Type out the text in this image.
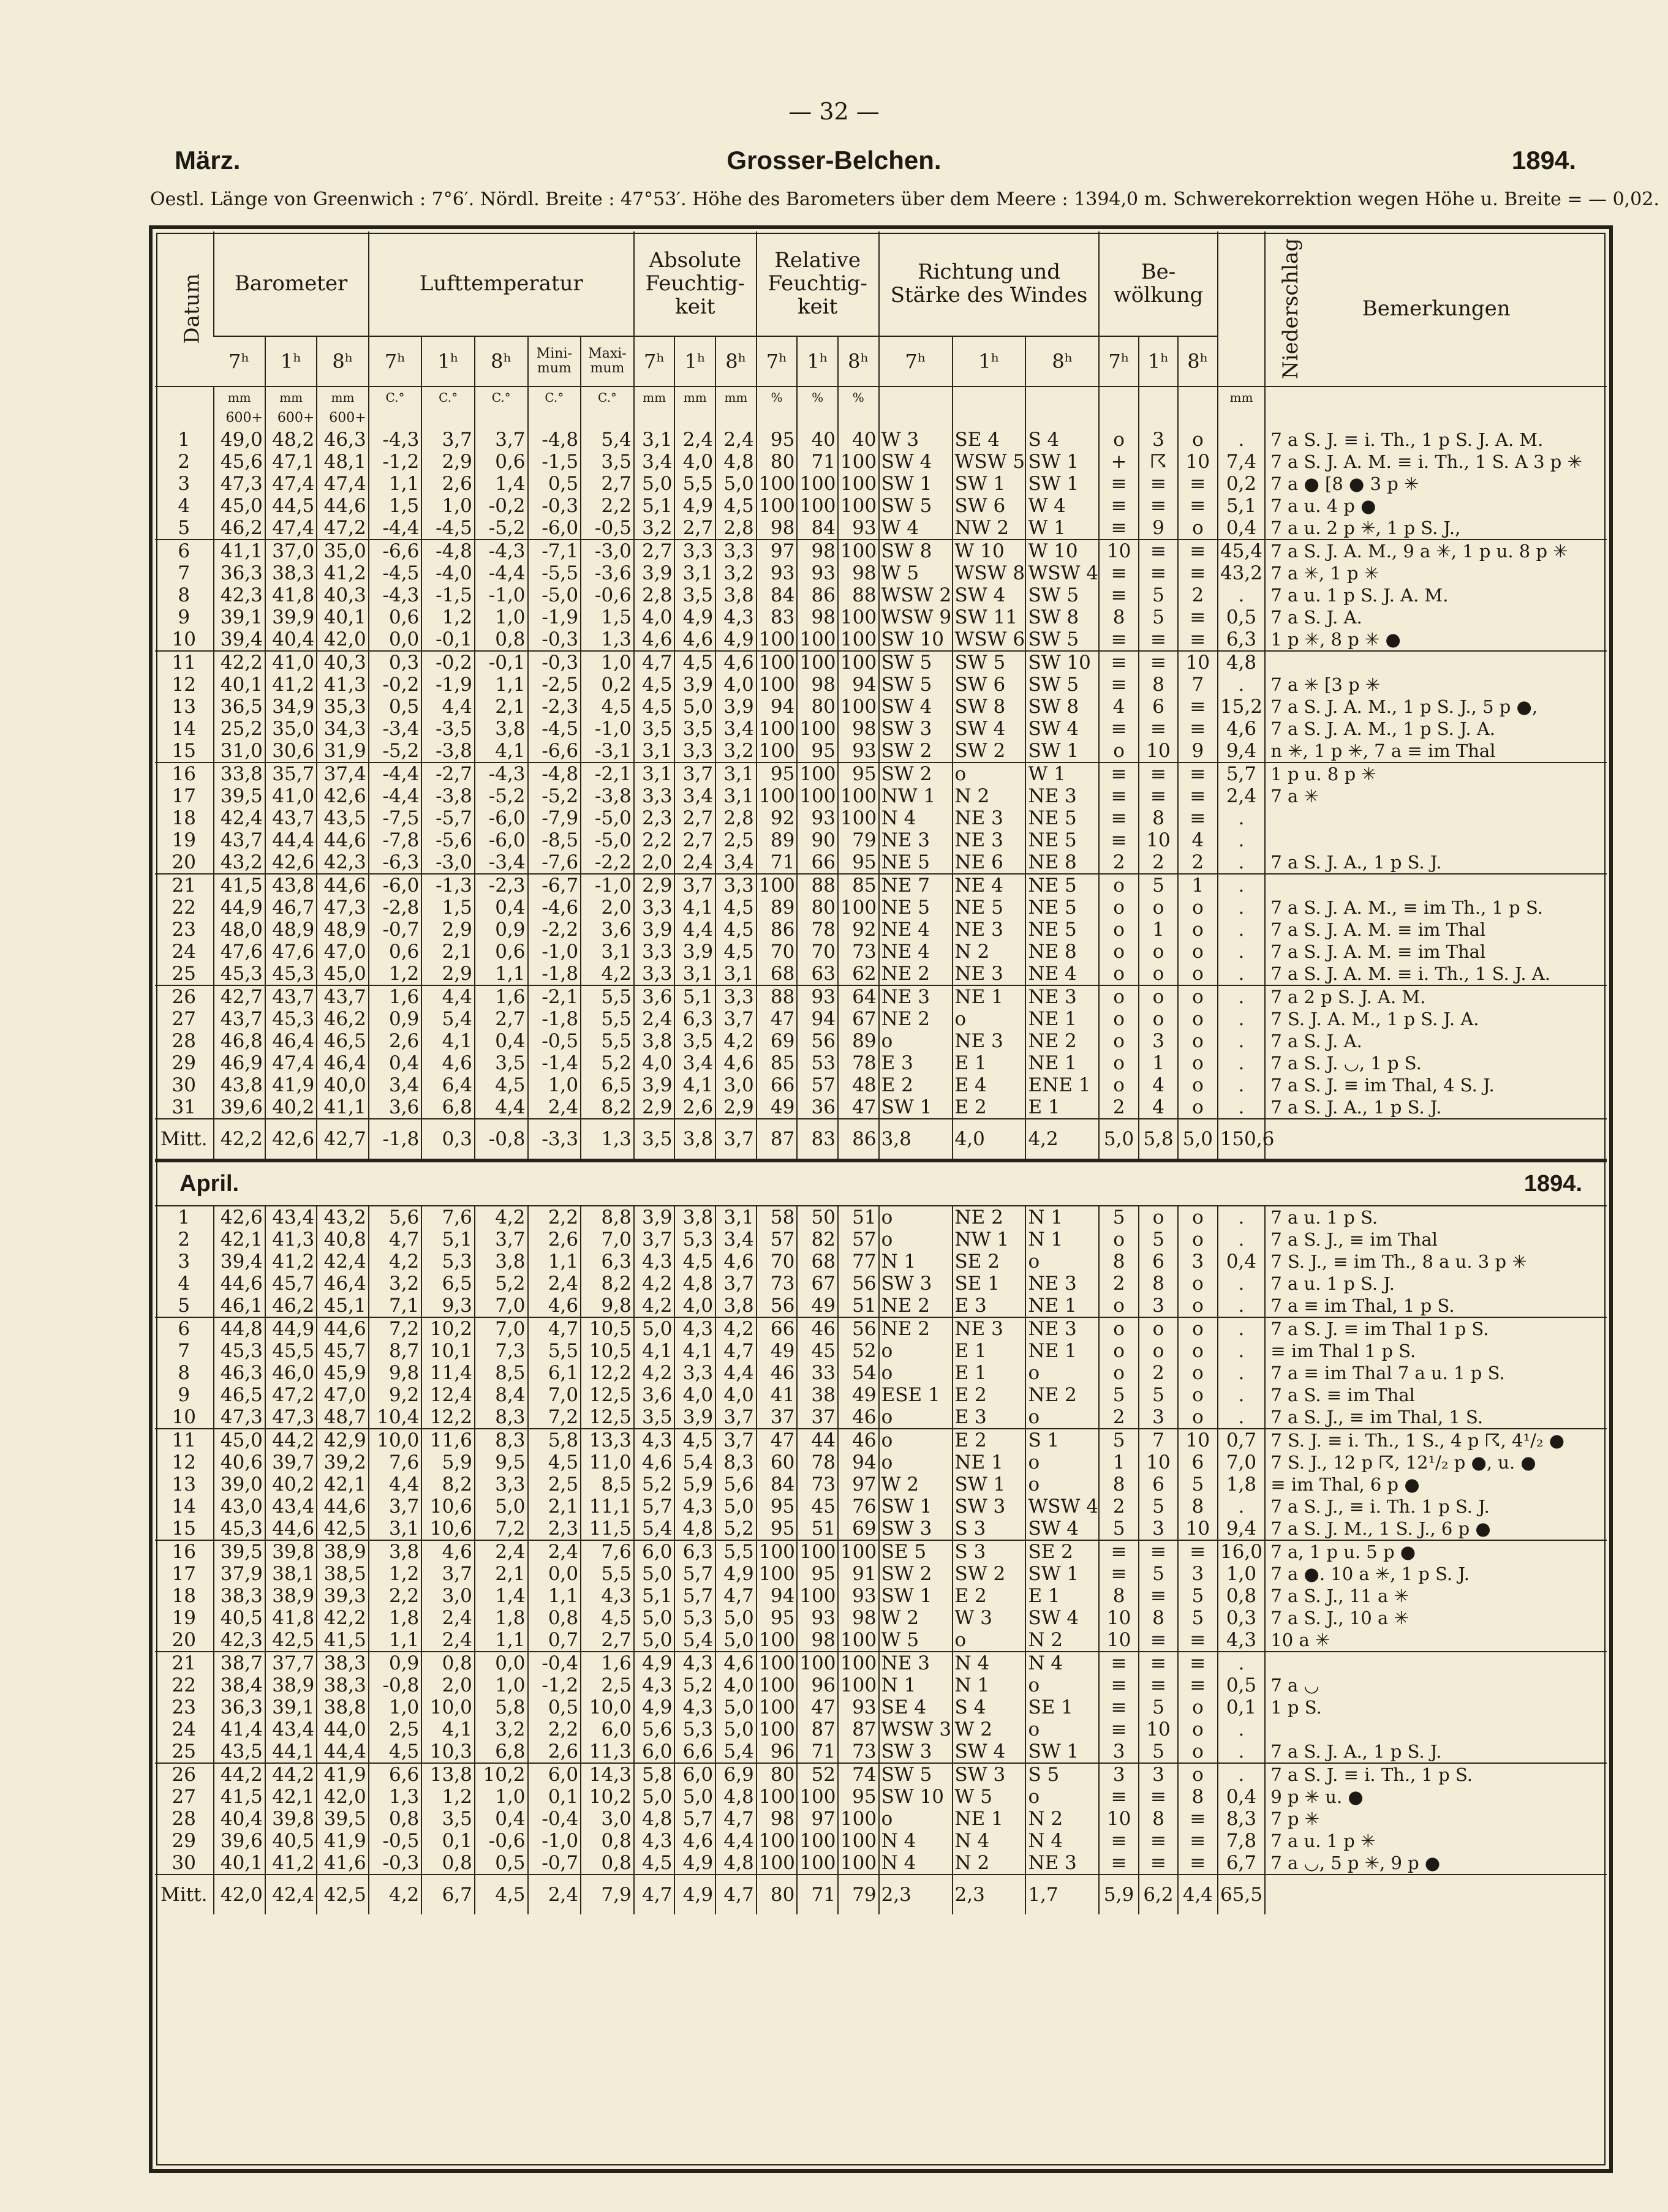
— 32 —
März.	Grosser-Belchen.	1894.
Oestl. Länge von Greenwich : 7°6′. Nördl. Breite : 47°53′. Höhe des Barometers über dem Meere : 1394,0 m. Schwerekorrektion wegen Höhe u. Breite = — 0,02.
Datum	Barometer			Lufttemperatur					Absolute Feuchtig- keit			Relative Feuchtig- keit			Richtung und Stärke des Windes			Be- wölkung			Niederschlag	Bemerkungen
	7ʰ	1ʰ	8ʰ	7ʰ	1ʰ	8ʰ	Mini- mum	Maxi- mum	7ʰ	1ʰ	8ʰ	7ʰ	1ʰ	8ʰ	7ʰ	1ʰ	8ʰ	7ʰ	1ʰ	8ʰ		
	mm	mm	mm	C.°	C.°	C.°	C.°	C.°	mm	mm	mm	%	%	%							mm	
	600+	600+	600+																			
1	49,0	48,2	46,3	-4,3	3,7	3,7	-4,8	5,4	3,1	2,4	2,4	95	40	40	W 3	SE 4	S 4	o	3	o	.	7 a S. J. ≡ i. Th., 1 p S. J. A. M.
2	45,6	47,1	48,1	-1,2	2,9	0,6	-1,5	3,5	3,4	4,0	4,8	80	71	100	SW 4	WSW 5	SW 1	+	☈	10	7,4	7 a S. J. A. M. ≡ i. Th., 1 S. A 3 p ✳
3	47,3	47,4	47,4	1,1	2,6	1,4	0,5	2,7	5,0	5,5	5,0	100	100	100	SW 1	SW 1	SW 1	≡	≡	≡	0,2	7 a ● [8 ● 3 p ✳
4	45,0	44,5	44,6	1,5	1,0	-0,2	-0,3	2,2	5,1	4,9	4,5	100	100	100	SW 5	SW 6	W 4	≡	≡	≡	5,1	7 a u. 4 p ●
5	46,2	47,4	47,2	-4,4	-4,5	-5,2	-6,0	-0,5	3,2	2,7	2,8	98	84	93	W 4	NW 2	W 1	≡	9	o	0,4	7 a u. 2 p ✳, 1 p S. J.,
6	41,1	37,0	35,0	-6,6	-4,8	-4,3	-7,1	-3,0	2,7	3,3	3,3	97	98	100	SW 8	W 10	W 10	10	≡	≡	45,4	7 a S. J. A. M., 9 a ✳, 1 p u. 8 p ✳
7	36,3	38,3	41,2	-4,5	-4,0	-4,4	-5,5	-3,6	3,9	3,1	3,2	93	93	98	W 5	WSW 8	WSW 4	≡	≡	≡	43,2	7 a ✳, 1 p ✳
8	42,3	41,8	40,3	-4,3	-1,5	-1,0	-5,0	-0,6	2,8	3,5	3,8	84	86	88	WSW 2	SW 4	SW 5	≡	5	2	.	7 a u. 1 p S. J. A. M.
9	39,1	39,9	40,1	0,6	1,2	1,0	-1,9	1,5	4,0	4,9	4,3	83	98	100	WSW 9	SW 11	SW 8	8	5	≡	0,5	7 a S. J. A.
10	39,4	40,4	42,0	0,0	-0,1	0,8	-0,3	1,3	4,6	4,6	4,9	100	100	100	SW 10	WSW 6	SW 5	≡	≡	≡	6,3	1 p ✳, 8 p ✳ ●
11	42,2	41,0	40,3	0,3	-0,2	-0,1	-0,3	1,0	4,7	4,5	4,6	100	100	100	SW 5	SW 5	SW 10	≡	≡	10	4,8	
12	40,1	41,2	41,3	-0,2	-1,9	1,1	-2,5	0,2	4,5	3,9	4,0	100	98	94	SW 5	SW 6	SW 5	≡	8	7	.	7 a ✳ [3 p ✳
13	36,5	34,9	35,3	0,5	4,4	2,1	-2,3	4,5	4,5	5,0	3,9	94	80	100	SW 4	SW 8	SW 8	4	6	≡	15,2	7 a S. J. A. M., 1 p S. J., 5 p ●,
14	25,2	35,0	34,3	-3,4	-3,5	3,8	-4,5	-1,0	3,5	3,5	3,4	100	100	98	SW 3	SW 4	SW 4	≡	≡	≡	4,6	7 a S. J. A. M., 1 p S. J. A.
15	31,0	30,6	31,9	-5,2	-3,8	4,1	-6,6	-3,1	3,1	3,3	3,2	100	95	93	SW 2	SW 2	SW 1	o	10	9	9,4	n ✳, 1 p ✳, 7 a ≡ im Thal
16	33,8	35,7	37,4	-4,4	-2,7	-4,3	-4,8	-2,1	3,1	3,7	3,1	95	100	95	SW 2	o	W 1	≡	≡	≡	5,7	1 p u. 8 p ✳
17	39,5	41,0	42,6	-4,4	-3,8	-5,2	-5,2	-3,8	3,3	3,4	3,1	100	100	100	NW 1	N 2	NE 3	≡	≡	≡	2,4	7 a ✳
18	42,4	43,7	43,5	-7,5	-5,7	-6,0	-7,9	-5,0	2,3	2,7	2,8	92	93	100	N 4	NE 3	NE 5	≡	8	≡	.	
19	43,7	44,4	44,6	-7,8	-5,6	-6,0	-8,5	-5,0	2,2	2,7	2,5	89	90	79	NE 3	NE 3	NE 5	≡	10	4	.	
20	43,2	42,6	42,3	-6,3	-3,0	-3,4	-7,6	-2,2	2,0	2,4	3,4	71	66	95	NE 5	NE 6	NE 8	2	2	2	.	7 a S. J. A., 1 p S. J.
21	41,5	43,8	44,6	-6,0	-1,3	-2,3	-6,7	-1,0	2,9	3,7	3,3	100	88	85	NE 7	NE 4	NE 5	o	5	1	.	
22	44,9	46,7	47,3	-2,8	1,5	0,4	-4,6	2,0	3,3	4,1	4,5	89	80	100	NE 5	NE 5	NE 5	o	o	o	.	7 a S. J. A. M., ≡ im Th., 1 p S.
23	48,0	48,9	48,9	-0,7	2,9	0,9	-2,2	3,6	3,9	4,4	4,5	86	78	92	NE 4	NE 3	NE 5	o	1	o	.	7 a S. J. A. M. ≡ im Thal
24	47,6	47,6	47,0	0,6	2,1	0,6	-1,0	3,1	3,3	3,9	4,5	70	70	73	NE 4	N 2	NE 8	o	o	o	.	7 a S. J. A. M. ≡ im Thal
25	45,3	45,3	45,0	1,2	2,9	1,1	-1,8	4,2	3,3	3,1	3,1	68	63	62	NE 2	NE 3	NE 4	o	o	o	.	7 a S. J. A. M. ≡ i. Th., 1 S. J. A.
26	42,7	43,7	43,7	1,6	4,4	1,6	-2,1	5,5	3,6	5,1	3,3	88	93	64	NE 3	NE 1	NE 3	o	o	o	.	7 a 2 p S. J. A. M.
27	43,7	45,3	46,2	0,9	5,4	2,7	-1,8	5,5	2,4	6,3	3,7	47	94	67	NE 2	o	NE 1	o	o	o	.	7 S. J. A. M., 1 p S. J. A.
28	46,8	46,4	46,5	2,6	4,1	0,4	-0,5	5,5	3,8	3,5	4,2	69	56	89	o	NE 3	NE 2	o	3	o	.	7 a S. J. A.
29	46,9	47,4	46,4	0,4	4,6	3,5	-1,4	5,2	4,0	3,4	4,6	85	53	78	E 3	E 1	NE 1	o	1	o	.	7 a S. J. ◡, 1 p S.
30	43,8	41,9	40,0	3,4	6,4	4,5	1,0	6,5	3,9	4,1	3,0	66	57	48	E 2	E 4	ENE 1	o	4	o	.	7 a S. J. ≡ im Thal, 4 S. J.
31	39,6	40,2	41,1	3,6	6,8	4,4	2,4	8,2	2,9	2,6	2,9	49	36	47	SW 1	E 2	E 1	2	4	o	.	7 a S. J. A., 1 p S. J.
Mitt.	42,2	42,6	42,7	-1,8	0,3	-0,8	-3,3	1,3	3,5	3,8	3,7	87	83	86	3,8	4,0	4,2	5,0	5,8	5,0	150,6	
April.											1894.											
1	42,6	43,4	43,2	5,6	7,6	4,2	2,2	8,8	3,9	3,8	3,1	58	50	51	o	NE 2	N 1	5	o	o	.	7 a u. 1 p S.
2	42,1	41,3	40,8	4,7	5,1	3,7	2,6	7,0	3,7	5,3	3,4	57	82	57	o	NW 1	N 1	o	5	o	.	7 a S. J., ≡ im Thal
3	39,4	41,2	42,4	4,2	5,3	3,8	1,1	6,3	4,3	4,5	4,6	70	68	77	N 1	SE 2	o	8	6	3	0,4	7 S. J., ≡ im Th., 8 a u. 3 p ✳
4	44,6	45,7	46,4	3,2	6,5	5,2	2,4	8,2	4,2	4,8	3,7	73	67	56	SW 3	SE 1	NE 3	2	8	o	.	7 a u. 1 p S. J.
5	46,1	46,2	45,1	7,1	9,3	7,0	4,6	9,8	4,2	4,0	3,8	56	49	51	NE 2	E 3	NE 1	o	3	o	.	7 a ≡ im Thal, 1 p S.
6	44,8	44,9	44,6	7,2	10,2	7,0	4,7	10,5	5,0	4,3	4,2	66	46	56	NE 2	NE 3	NE 3	o	o	o	.	7 a S. J. ≡ im Thal 1 p S.
7	45,3	45,5	45,7	8,7	10,1	7,3	5,5	10,5	4,1	4,1	4,7	49	45	52	o	E 1	NE 1	o	o	o	.	≡ im Thal 1 p S.
8	46,3	46,0	45,9	9,8	11,4	8,5	6,1	12,2	4,2	3,3	4,4	46	33	54	o	E 1	o	o	2	o	.	7 a ≡ im Thal 7 a u. 1 p S.
9	46,5	47,2	47,0	9,2	12,4	8,4	7,0	12,5	3,6	4,0	4,0	41	38	49	ESE 1	E 2	NE 2	5	5	o	.	7 a S. ≡ im Thal
10	47,3	47,3	48,7	10,4	12,2	8,3	7,2	12,5	3,5	3,9	3,7	37	37	46	o	E 3	o	2	3	o	.	7 a S. J., ≡ im Thal, 1 S.
11	45,0	44,2	42,9	10,0	11,6	8,3	5,8	13,3	4,3	4,5	3,7	47	44	46	o	E 2	S 1	5	7	10	0,7	7 S. J. ≡ i. Th., 1 S., 4 p ☈, 4¹/₂ ●
12	40,6	39,7	39,2	7,6	5,9	9,5	4,5	11,0	4,6	5,4	8,3	60	78	94	o	NE 1	o	1	10	6	7,0	7 S. J., 12 p ☈, 12¹/₂ p ●, u. ●
13	39,0	40,2	42,1	4,4	8,2	3,3	2,5	8,5	5,2	5,9	5,6	84	73	97	W 2	SW 1	o	8	6	5	1,8	≡ im Thal, 6 p ●
14	43,0	43,4	44,6	3,7	10,6	5,0	2,1	11,1	5,7	4,3	5,0	95	45	76	SW 1	SW 3	WSW 4	2	5	8	.	7 a S. J., ≡ i. Th. 1 p S. J.
15	45,3	44,6	42,5	3,1	10,6	7,2	2,3	11,5	5,4	4,8	5,2	95	51	69	SW 3	S 3	SW 4	5	3	10	9,4	7 a S. J. M., 1 S. J., 6 p ●
16	39,5	39,8	38,9	3,8	4,6	2,4	2,4	7,6	6,0	6,3	5,5	100	100	100	SE 5	S 3	SE 2	≡	≡	≡	16,0	7 a, 1 p u. 5 p ●
17	37,9	38,1	38,5	1,2	3,7	2,1	0,0	5,5	5,0	5,7	4,9	100	95	91	SW 2	SW 2	SW 1	≡	5	3	1,0	7 a ●. 10 a ✳, 1 p S. J.
18	38,3	38,9	39,3	2,2	3,0	1,4	1,1	4,3	5,1	5,7	4,7	94	100	93	SW 1	E 2	E 1	8	≡	5	0,8	7 a S. J., 11 a ✳
19	40,5	41,8	42,2	1,8	2,4	1,8	0,8	4,5	5,0	5,3	5,0	95	93	98	W 2	W 3	SW 4	10	8	5	0,3	7 a S. J., 10 a ✳
20	42,3	42,5	41,5	1,1	2,4	1,1	0,7	2,7	5,0	5,4	5,0	100	98	100	W 5	o	N 2	10	≡	≡	4,3	10 a ✳
21	38,7	37,7	38,3	0,9	0,8	0,0	-0,4	1,6	4,9	4,3	4,6	100	100	100	NE 3	N 4	N 4	≡	≡	≡	.	
22	38,4	38,9	38,3	-0,8	2,0	1,0	-1,2	2,5	4,3	5,2	4,0	100	96	100	N 1	N 1	o	≡	≡	≡	0,5	7 a ◡
23	36,3	39,1	38,8	1,0	10,0	5,8	0,5	10,0	4,9	4,3	5,0	100	47	93	SE 4	S 4	SE 1	≡	5	o	0,1	1 p S.
24	41,4	43,4	44,0	2,5	4,1	3,2	2,2	6,0	5,6	5,3	5,0	100	87	87	WSW 3	W 2	o	≡	10	o	.	
25	43,5	44,1	44,4	4,5	10,3	6,8	2,6	11,3	6,0	6,6	5,4	96	71	73	SW 3	SW 4	SW 1	3	5	o	.	7 a S. J. A., 1 p S. J.
26	44,2	44,2	41,9	6,6	13,8	10,2	6,0	14,3	5,8	6,0	6,9	80	52	74	SW 5	SW 3	S 5	3	3	o	.	7 a S. J. ≡ i. Th., 1 p S.
27	41,5	42,1	42,0	1,3	1,2	1,0	0,1	10,2	5,0	5,0	4,8	100	100	95	SW 10	W 5	o	≡	≡	8	0,4	9 p ✳ u. ●
28	40,4	39,8	39,5	0,8	3,5	0,4	-0,4	3,0	4,8	5,7	4,7	98	97	100	o	NE 1	N 2	10	8	≡	8,3	7 p ✳
29	39,6	40,5	41,9	-0,5	0,1	-0,6	-1,0	0,8	4,3	4,6	4,4	100	100	100	N 4	N 4	N 4	≡	≡	≡	7,8	7 a u. 1 p ✳
30	40,1	41,2	41,6	-0,3	0,8	0,5	-0,7	0,8	4,5	4,9	4,8	100	100	100	N 4	N 2	NE 3	≡	≡	≡	6,7	7 a ◡, 5 p ✳, 9 p ●
Mitt.	42,0	42,4	42,5	4,2	6,7	4,5	2,4	7,9	4,7	4,9	4,7	80	71	79	2,3	2,3	1,7	5,9	6,2	4,4	65,5	
